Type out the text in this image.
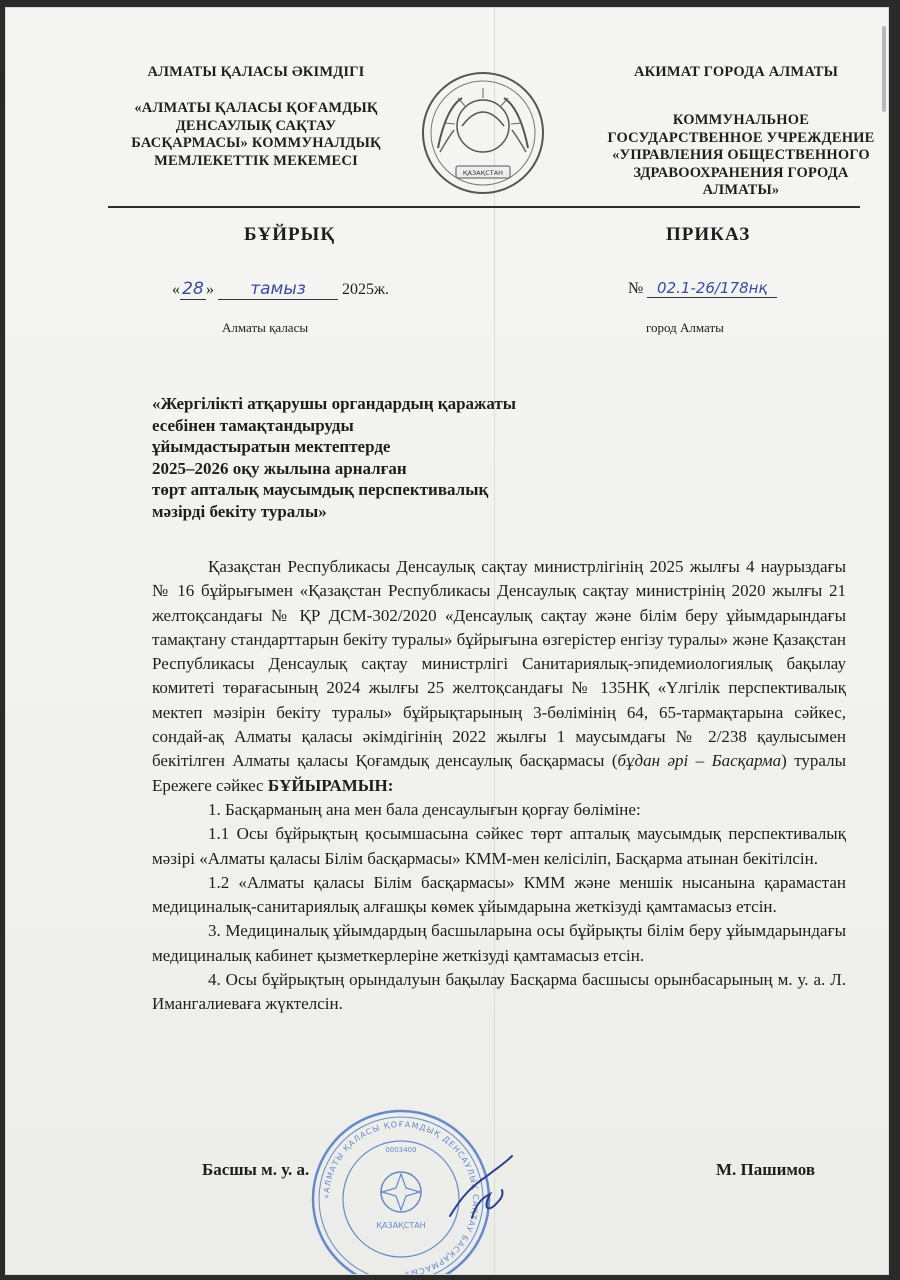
АЛМАТЫ ҚАЛАСЫ ӘКІМДІГІ
«АЛМАТЫ ҚАЛАСЫ ҚОҒАМДЫҚ
ДЕНСАУЛЫҚ САҚТАУ
БАСҚАРМАСЫ» КОММУНАЛДЫҚ
МЕМЛЕКЕТТІК МЕКЕМЕСІ
ҚАЗАҚСТАН
АКИМАТ ГОРОДА АЛМАТЫ
КОММУНАЛЬНОЕ
ГОСУДАРСТВЕННОЕ УЧРЕЖДЕНИЕ
«УПРАВЛЕНИЯ ОБЩЕСТВЕННОГО
ЗДРАВООХРАНЕНИЯ ГОРОДА
АЛМАТЫ»
БҰЙРЫҚ	ПРИКАЗ
« 28 » тамыз 2025ж.	№ 02.1-26/178нқ
Алматы қаласы	город Алматы
«Жергілікті атқарушы органдардың қаражаты
есебінен тамақтандыруды
ұйымдастыратын мектептерде
2025–2026 оқу жылына арналған
төрт апталық маусымдық перспективалық
мәзірді бекіту туралы»

Қазақстан Республикасы Денсаулық сақтау министрлігінің 2025 жылғы 4 наурыздағы № 16 бұйрығымен «Қазақстан Республикасы Денсаулық сақтау министрінің 2020 жылғы 21 желтоқсандағы № ҚР ДСМ-302/2020 «Денсаулық сақтау және білім беру ұйымдарындағы тамақтану стандарттарын бекіту туралы» бұйрығына өзгерістер енгізу туралы» және Қазақстан Республикасы Денсаулық сақтау министрлігі Санитариялық-эпидемиологиялық бақылау комитеті төрағасының 2024 жылғы 25 желтоқсандағы № 135НҚ «Үлгілік перспективалық мектеп мәзірін бекіту туралы» бұйрықтарының 3-бөлімінің 64, 65-тармақтарына сәйкес, сондай-ақ Алматы қаласы әкімдігінің 2022 жылғы 1 маусымдағы № 2/238 қаулысымен бекітілген Алматы қаласы Қоғамдық денсаулық басқармасы (бұдан әрі – Басқарма) туралы Ережеге сәйкес БҰЙЫРАМЫН:

1. Басқарманың ана мен бала денсаулығын қорғау бөліміне:

1.1 Осы бұйрықтың қосымшасына сәйкес төрт апталық маусымдық перспективалық мәзірі «Алматы қаласы Білім басқармасы» КММ-мен келісіліп, Басқарма атынан бекітілсін.

1.2 «Алматы қаласы Білім басқармасы» КММ және меншік нысанына қарамастан медициналық-санитариялық алғашқы көмек ұйымдарына жеткізуді қамтамасыз етсін.

3. Медициналық ұйымдардың басшыларына осы бұйрықты білім беру ұйымдарындағы медициналық кабинет қызметкерлеріне жеткізуді қамтамасыз етсін.

4. Осы бұйрықтың орындалуын бақылау Басқарма басшысы орынбасарының м. у. а. Л. Имангалиеваға жүктелсін.

«АЛМАТЫ ҚАЛАСЫ ҚОҒАМДЫҚ ДЕНСАУЛЫҚ САҚТАУ БАСҚАРМАСЫ»
ҚАЗАҚСТАН
0003400
Басшы м. у. а.	М. Пашимов
